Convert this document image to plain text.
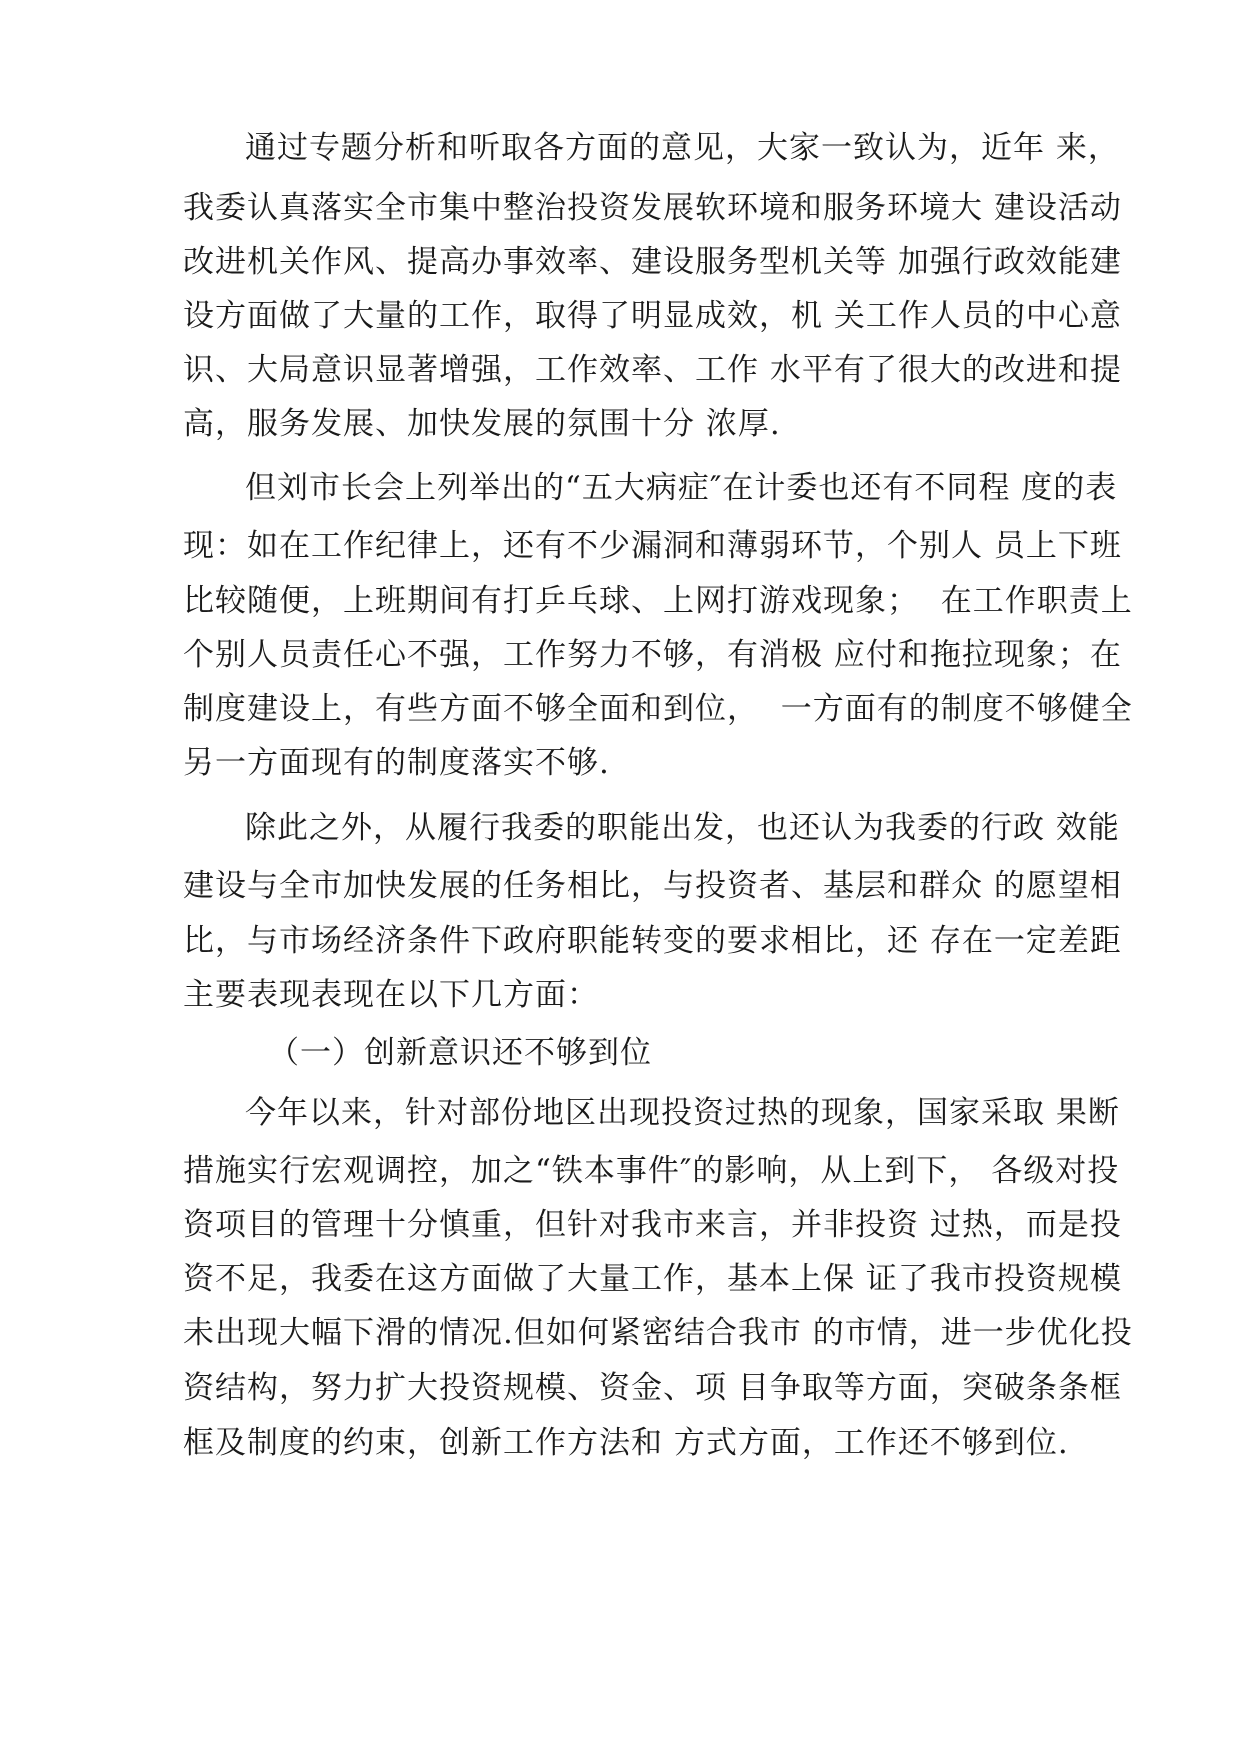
通过专题分析和听取各方面的意见，大家一致认为，近年 来，
我委认真落实全市集中整治投资发展软环境和服务环境大 建设活动
改进机关作风、提高办事效率、建设服务型机关等 加强行政效能建
设方面做了大量的工作，取得了明显成效，机 关工作人员的中心意
识、大局意识显著增强，工作效率、工作 水平有了很大的改进和提
高，服务发展、加快发展的氛围十分 浓厚.
但刘市长会上列举出的“五大病症″在计委也还有不同程 度的表
现：如在工作纪律上，还有不少漏洞和薄弱环节，个别人 员上下班
比较随便，上班期间有打乒乓球、上网打游戏现象；  在工作职责上
个别人员责任心不强，工作努力不够，有消极 应付和拖拉现象；在
制度建设上，有些方面不够全面和到位，  一方面有的制度不够健全
另一方面现有的制度落实不够.
除此之外，从履行我委的职能出发，也还认为我委的行政 效能
建设与全市加快发展的任务相比，与投资者、基层和群众 的愿望相
比，与市场经济条件下政府职能转变的要求相比，还 存在一定差距
主要表现表现在以下几方面：
（一）创新意识还不够到位
今年以来，针对部份地区出现投资过热的现象，国家采取 果断
措施实行宏观调控，加之“铁本事件″的影响，从上到下， 各级对投
资项目的管理十分慎重，但针对我市来言，并非投资 过热，而是投
资不足，我委在这方面做了大量工作，基本上保 证了我市投资规模
未出现大幅下滑的情况.但如何紧密结合我市 的市情，进一步优化投
资结构，努力扩大投资规模、资金、项 目争取等方面，突破条条框
框及制度的约束，创新工作方法和 方式方面，工作还不够到位.
